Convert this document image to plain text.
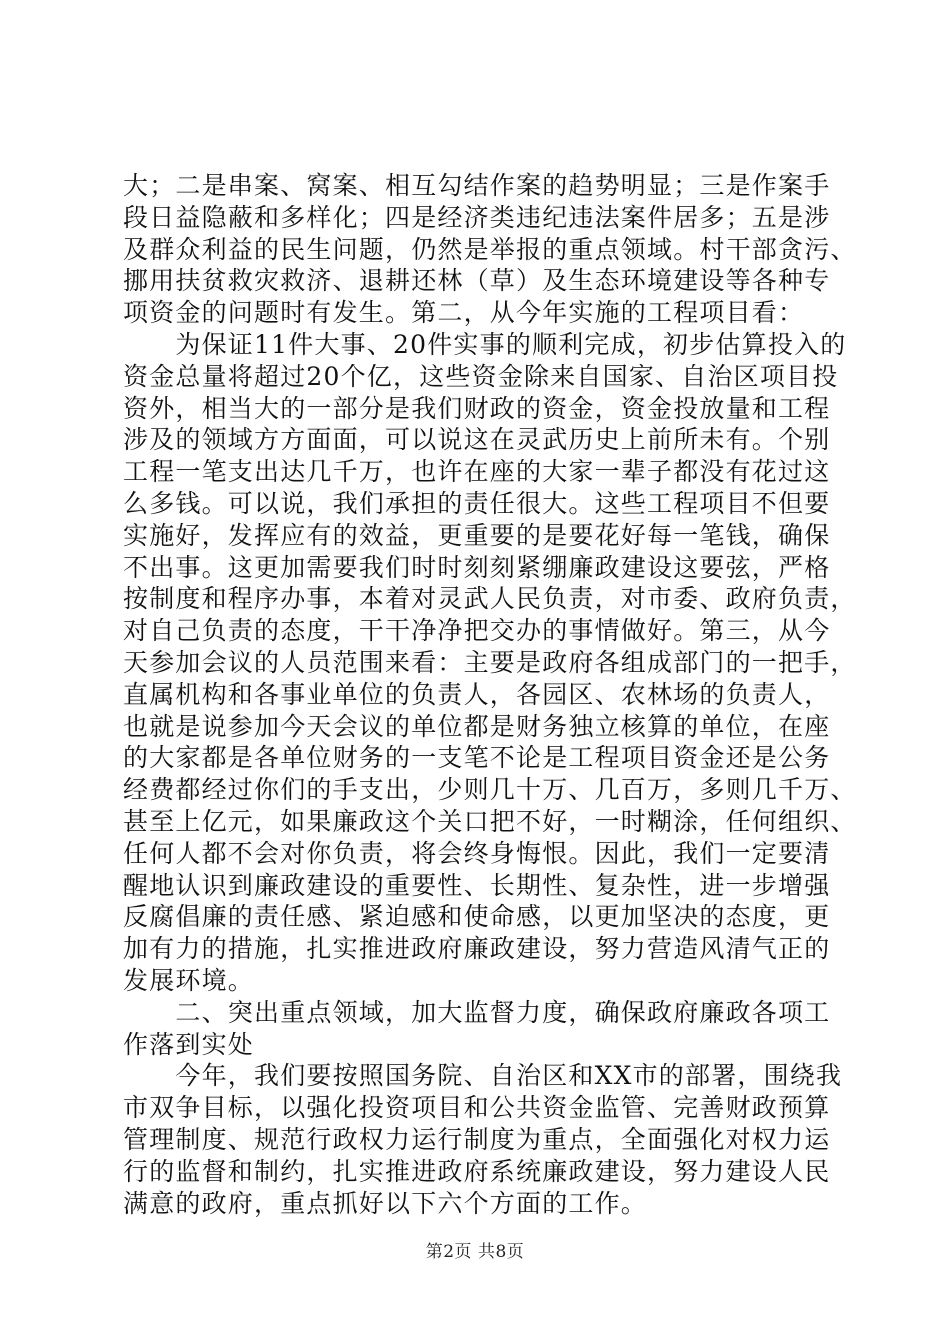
大；二是串案、窝案、相互勾结作案的趋势明显；三是作案手
段日益隐蔽和多样化；四是经济类违纪违法案件居多；五是涉
及群众利益的民生问题，仍然是举报的重点领域。村干部贪污、
挪用扶贫救灾救济、退耕还林（草）及生态环境建设等各种专
项资金的问题时有发生。第二，从今年实施的工程项目看：
　　为保证11件大事、20件实事的顺利完成，初步估算投入的
资金总量将超过20个亿，这些资金除来自国家、自治区项目投
资外，相当大的一部分是我们财政的资金，资金投放量和工程
涉及的领域方方面面，可以说这在灵武历史上前所未有。个别
工程一笔支出达几千万，也许在座的大家一辈子都没有花过这
么多钱。可以说，我们承担的责任很大。这些工程项目不但要
实施好，发挥应有的效益，更重要的是要花好每一笔钱，确保
不出事。这更加需要我们时时刻刻紧绷廉政建设这要弦，严格
按制度和程序办事，本着对灵武人民负责，对市委、政府负责，
对自己负责的态度，干干净净把交办的事情做好。第三，从今
天参加会议的人员范围来看：主要是政府各组成部门的一把手，
直属机构和各事业单位的负责人，各园区、农林场的负责人，
也就是说参加今天会议的单位都是财务独立核算的单位，在座
的大家都是各单位财务的一支笔不论是工程项目资金还是公务
经费都经过你们的手支出，少则几十万、几百万，多则几千万、
甚至上亿元，如果廉政这个关口把不好，一时糊涂，任何组织、
任何人都不会对你负责，将会终身悔恨。因此，我们一定要清
醒地认识到廉政建设的重要性、长期性、复杂性，进一步增强
反腐倡廉的责任感、紧迫感和使命感，以更加坚决的态度，更
加有力的措施，扎实推进政府廉政建设，努力营造风清气正的
发展环境。
　　二、突出重点领域，加大监督力度，确保政府廉政各项工
作落到实处
　　今年，我们要按照国务院、自治区和XX市的部署，围绕我
市双争目标，以强化投资项目和公共资金监管、完善财政预算
管理制度、规范行政权力运行制度为重点，全面强化对权力运
行的监督和制约，扎实推进政府系统廉政建设，努力建设人民
满意的政府，重点抓好以下六个方面的工作。
第2页 共8页
